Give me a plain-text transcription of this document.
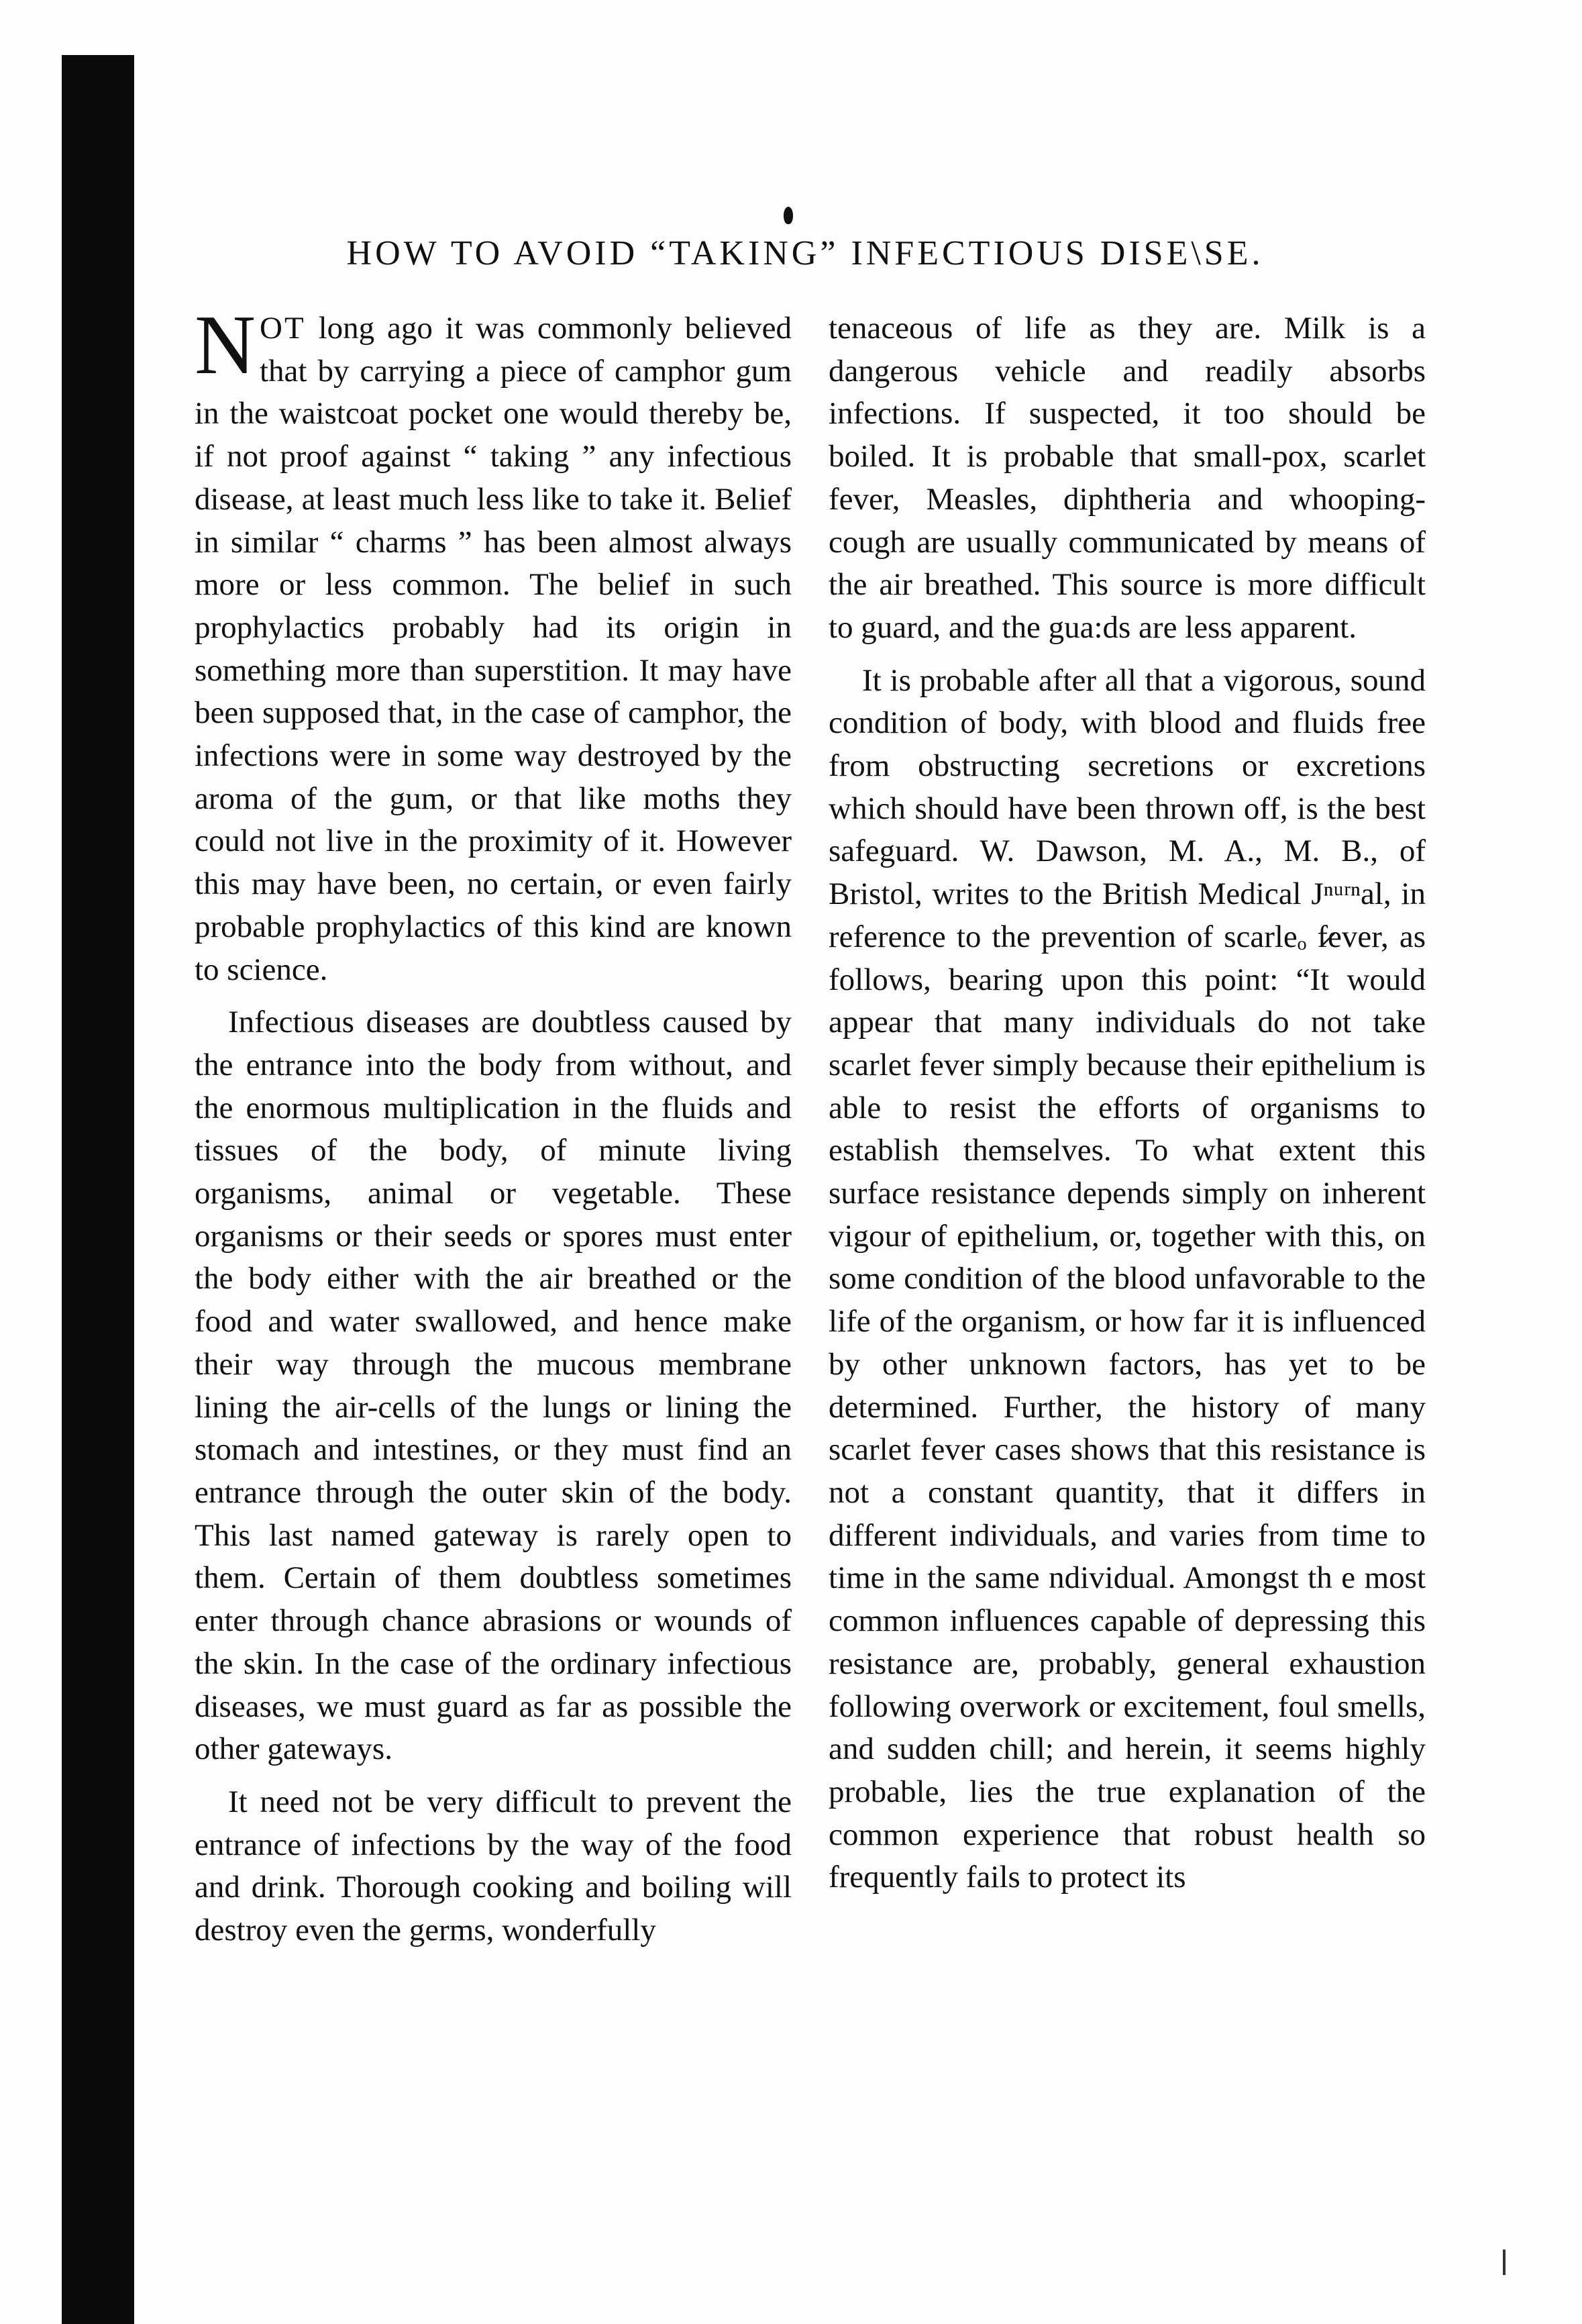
HOW TO AVOID “TAKING” INFECTIOUS DISE\SE.

NOT long ago it was commonly believed that by carrying a piece of camphor gum in the waistcoat pocket one would thereby be, if not proof against “ taking ” any infectious disease, at least much less like to take it. Belief in similar “ charms ” has been almost always more or less common. The belief in such prophylactics probably had its origin in something more than superstition. It may have been supposed that, in the case of camphor, the infections were in some way destroyed by the aroma of the gum, or that like moths they could not live in the proximity of it. However this may have been, no certain, or even fairly probable prophylactics of this kind are known to science.

Infectious diseases are doubtless caused by the entrance into the body from without, and the enormous multiplication in the fluids and tissues of the body, of minute living organisms, animal or vegetable. These organisms or their seeds or spores must enter the body either with the air breathed or the food and water swallowed, and hence make their way through the mucous membrane lining the air-cells of the lungs or lining the stomach and intestines, or they must find an entrance through the outer skin of the body. This last named gateway is rarely open to them. Certain of them doubtless sometimes enter through chance abrasions or wounds of the skin. In the case of the ordinary infectious diseases, we must guard as far as possible the other gateways.

It need not be very difficult to prevent the entrance of infections by the way of the food and drink. Thorough cooking and boiling will destroy even the germs, wonderfully

tenaceous of life as they are. Milk is a dangerous vehicle and readily absorbs infections. If suspected, it too should be boiled. It is probable that small-pox, scarlet fever, Measles, diphtheria and whooping-cough are usually communicated by means of the air breathed. This source is more difficult to guard, and the gua:ds are less apparent.

It is probable after all that a vigorous, sound condition of body, with blood and fluids free from obstructing secretions or excretions which should have been thrown off, is the best safeguard. W. Dawson, M. A., M. B., of Bristol, writes to the British Medical Jⁿᵘʳⁿal, in reference to the prevention of scarleₒ f̷ever, as follows, bearing upon this point: “It would appear that many individuals do not take scarlet fever simply because their epithelium is able to resist the efforts of organisms to establish themselves. To what extent this surface resistance depends simply on inherent vigour of epithelium, or, together with this, on some condition of the blood unfavorable to the life of the organism, or how far it is influenced by other unknown factors, has yet to be determined. Further, the history of many scarlet fever cases shows that this resistance is not a constant quantity, that it differs in different individuals, and varies from time to time in the same ndividual. Amongst th e most common influences capable of depressing this resistance are, probably, general exhaustion following overwork or excitement, foul smells, and sudden chill; and herein, it seems highly probable, lies the true explanation of the common experience that robust health so frequently fails to protect its
